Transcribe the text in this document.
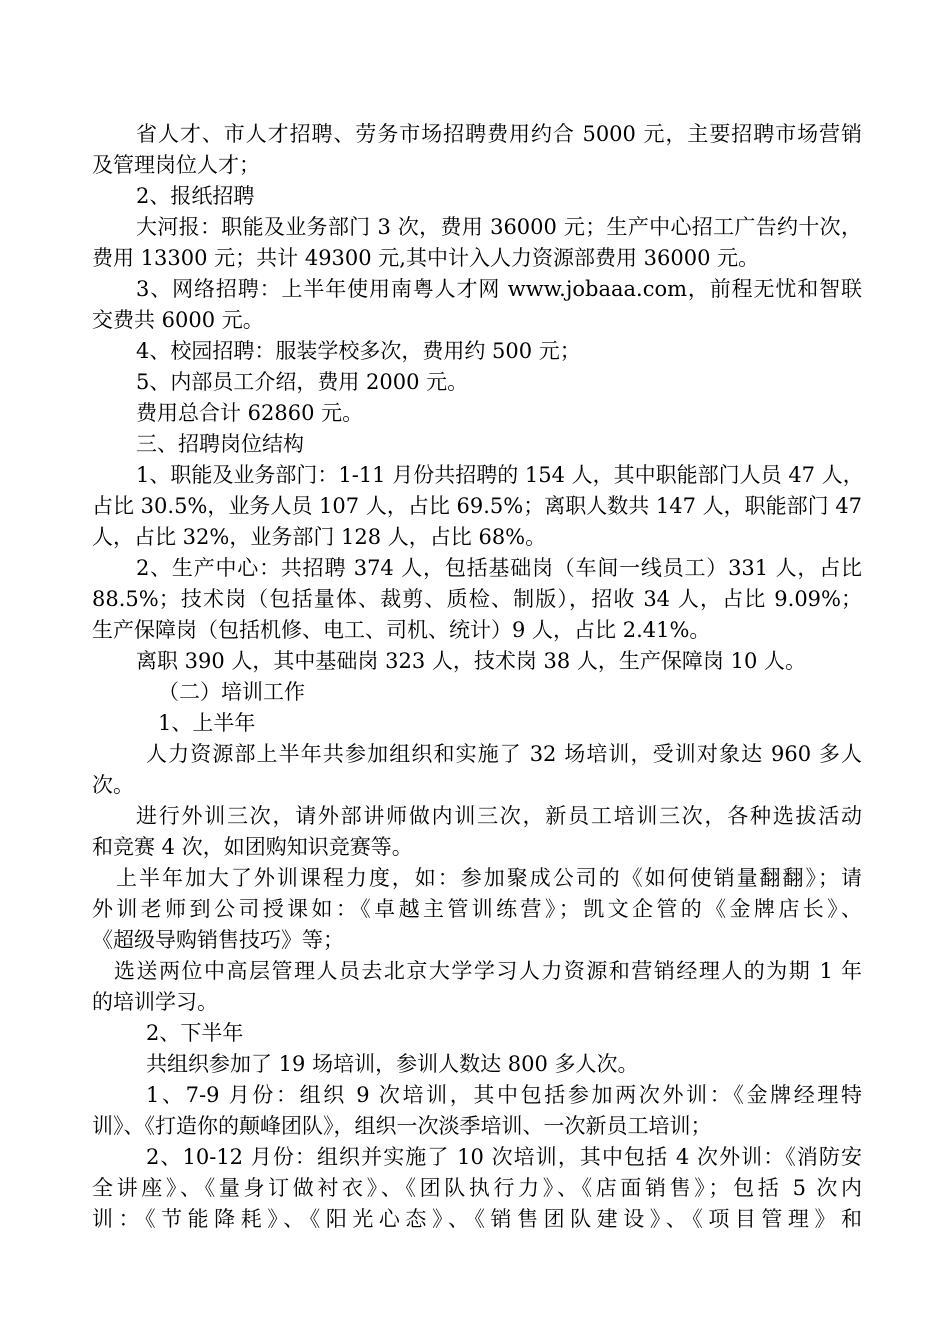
省人才、市人才招聘、劳务市场招聘费用约合 5000 元，主要招聘市场营销

及管理岗位人才；

2、报纸招聘

大河报：职能及业务部门 3 次，费用 36000 元；生产中心招工广告约十次，

费用 13300 元；共计 49300 元,其中计入人力资源部费用 36000 元。

3、网络招聘：上半年使用南粤人才网 www.jobaaa.com，前程无忧和智联

交费共 6000 元。

4、校园招聘：服装学校多次，费用约 500 元；

5、内部员工介绍，费用 2000 元。

费用总合计 62860 元。

三、招聘岗位结构

1、职能及业务部门：1-11 月份共招聘的 154 人，其中职能部门人员 47 人，

占比 30.5%，业务人员 107 人，占比 69.5%；离职人数共 147 人，职能部门 47

人，占比 32%，业务部门 128 人，占比 68%。

2、生产中心：共招聘 374 人，包括基础岗（车间一线员工）331 人，占比

88.5%；技术岗（包括量体、裁剪、质检、制版），招收 34 人，占比 9.09%；

生产保障岗（包括机修、电工、司机、统计）9 人，占比 2.41%。

离职 390 人，其中基础岗 323 人，技术岗 38 人，生产保障岗 10 人。

（二）培训工作

1、上半年

人力资源部上半年共参加组织和实施了 32 场培训，受训对象达 960 多人

次。

进行外训三次，请外部讲师做内训三次，新员工培训三次，各种选拔活动

和竞赛 4 次，如团购知识竞赛等。

上半年加大了外训课程力度，如：参加聚成公司的《如何使销量翻翻》；请

外训老师到公司授课如：《卓越主管训练营》；凯文企管的《金牌店长》、

《超级导购销售技巧》等；

选送两位中高层管理人员去北京大学学习人力资源和营销经理人的为期 1 年

的培训学习。

2、下半年

共组织参加了 19 场培训，参训人数达 800 多人次。

1、7-9 月份：组织 9 次培训，其中包括参加两次外训：《金牌经理特

训》、《打造你的颠峰团队》，组织一次淡季培训、一次新员工培训；

2、10-12 月份：组织并实施了 10 次培训，其中包括 4 次外训：《消防安

全讲座》、《量身订做衬衣》、《团队执行力》、《店面销售》；包括 5 次内

训：《节能降耗》、《阳光心态》、《销售团队建设》、《项目管理》和
